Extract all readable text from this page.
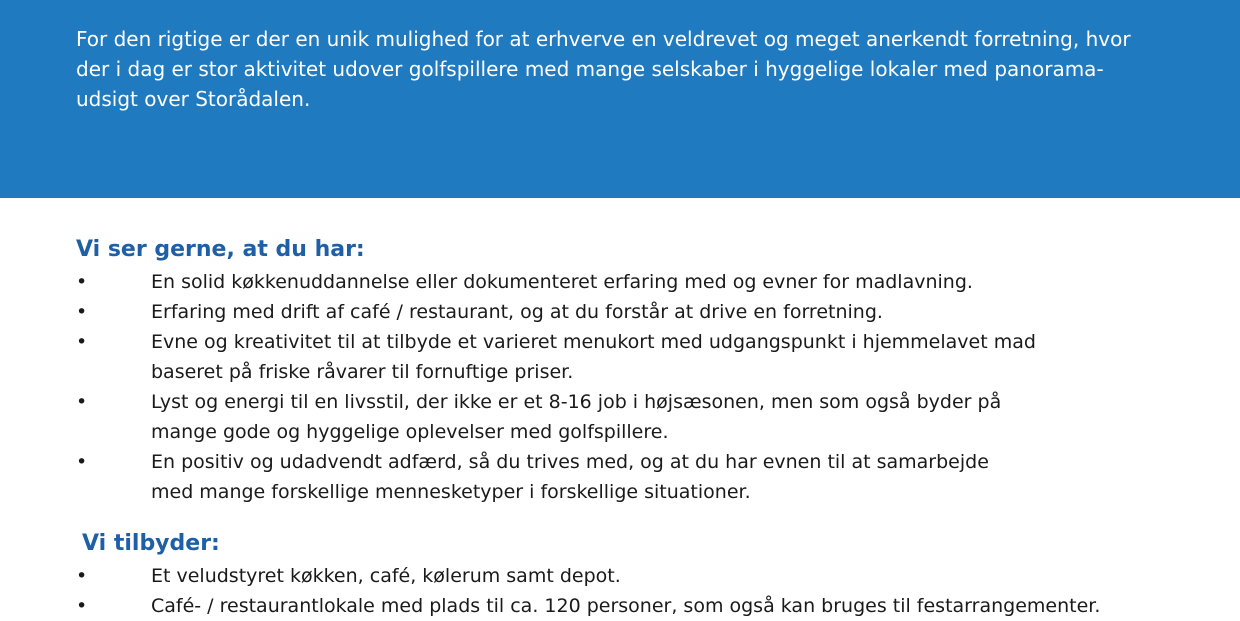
For den rigtige er der en unik mulighed for at erhverve en veldrevet og meget anerkendt forretning, hvor
der i dag er stor aktivitet udover golfspillere med mange selskaber i hyggelige lokaler med panorama-
udsigt over Storådalen.

Vi ser gerne, at du har:
•	En solid køkkenuddannelse eller dokumenteret erfaring med og evner for madlavning.
•	Erfaring med drift af café / restaurant, og at du forstår at drive en forretning.
•	Evne og kreativitet til at tilbyde et varieret menukort med udgangspunkt i hjemmelavet mad
baseret på friske råvarer til fornuftige priser.
•	Lyst og energi til en livsstil, der ikke er et 8-16 job i højsæsonen, men som også byder på
mange gode og hyggelige oplevelser med golfspillere.
•	En positiv og udadvendt adfærd, så du trives med, og at du har evnen til at samarbejde
med mange forskellige mennesketyper i forskellige situationer.
Vi tilbyder:
•	Et veludstyret køkken, café, kølerum samt depot.
•	Café- / restaurantlokale med plads til ca. 120 personer, som også kan bruges til festarrangementer.
